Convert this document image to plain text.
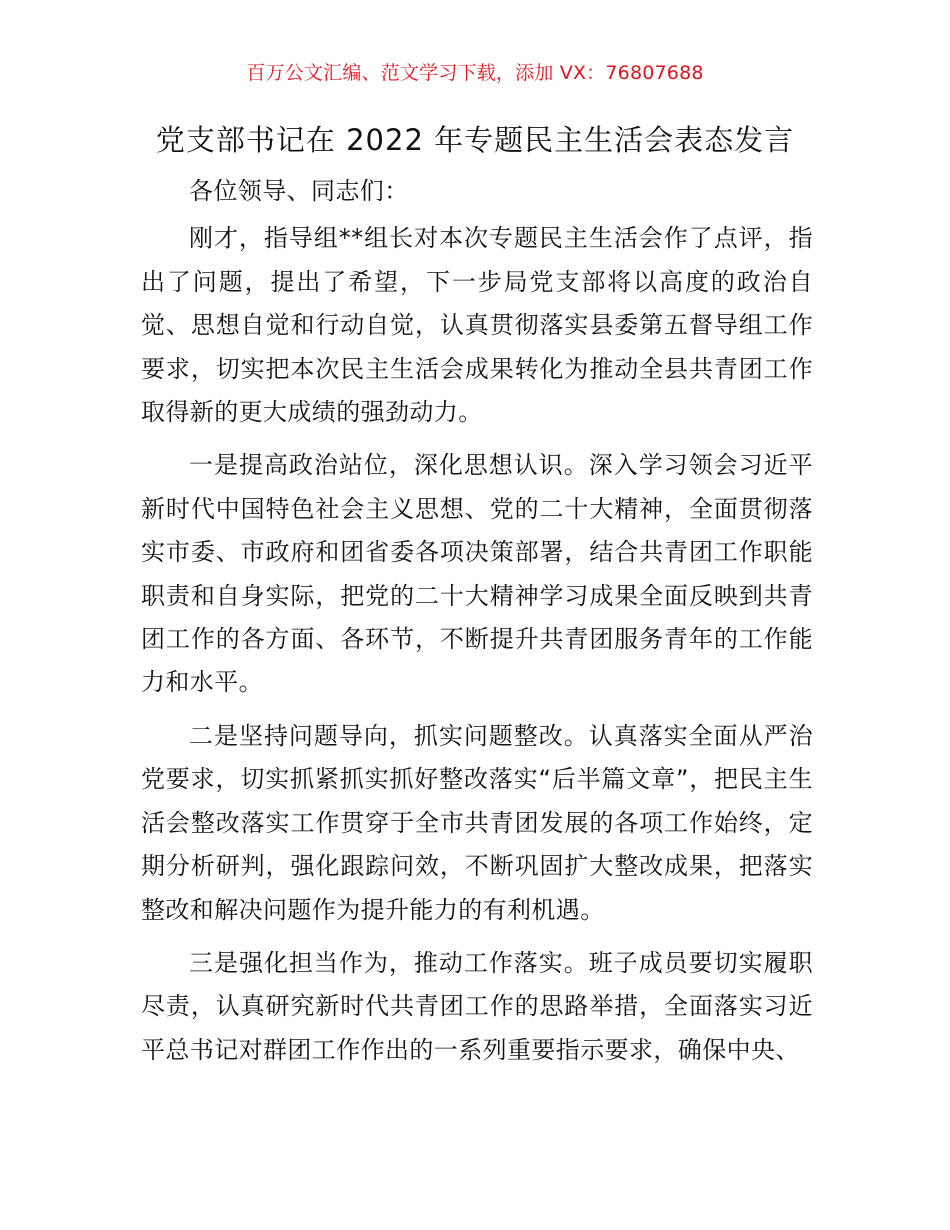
百万公文汇编、范文学习下载，添加 VX：76807688
党支部书记在 2022 年专题民主生活会表态发言

各位领导、同志们：

刚才，指导组**组长对本次专题民主生活会作了点评，指出了问题，提出了希望，下一步局党支部将以高度的政治自觉、思想自觉和行动自觉，认真贯彻落实县委第五督导组工作要求，切实把本次民主生活会成果转化为推动全县共青团工作取得新的更大成绩的强劲动力。

一是提高政治站位，深化思想认识。深入学习领会习近平新时代中国特色社会主义思想、党的二十大精神，全面贯彻落实市委、市政府和团省委各项决策部署，结合共青团工作职能职责和自身实际，把党的二十大精神学习成果全面反映到共青团工作的各方面、各环节，不断提升共青团服务青年的工作能力和水平。

二是坚持问题导向，抓实问题整改。认真落实全面从严治党要求，切实抓紧抓实抓好整改落实“后半篇文章”，把民主生活会整改落实工作贯穿于全市共青团发展的各项工作始终，定期分析研判，强化跟踪问效，不断巩固扩大整改成果，把落实整改和解决问题作为提升能力的有利机遇。

三是强化担当作为，推动工作落实。班子成员要切实履职尽责，认真研究新时代共青团工作的思路举措，全面落实习近平总书记对群团工作作出的一系列重要指示要求，确保中央、
